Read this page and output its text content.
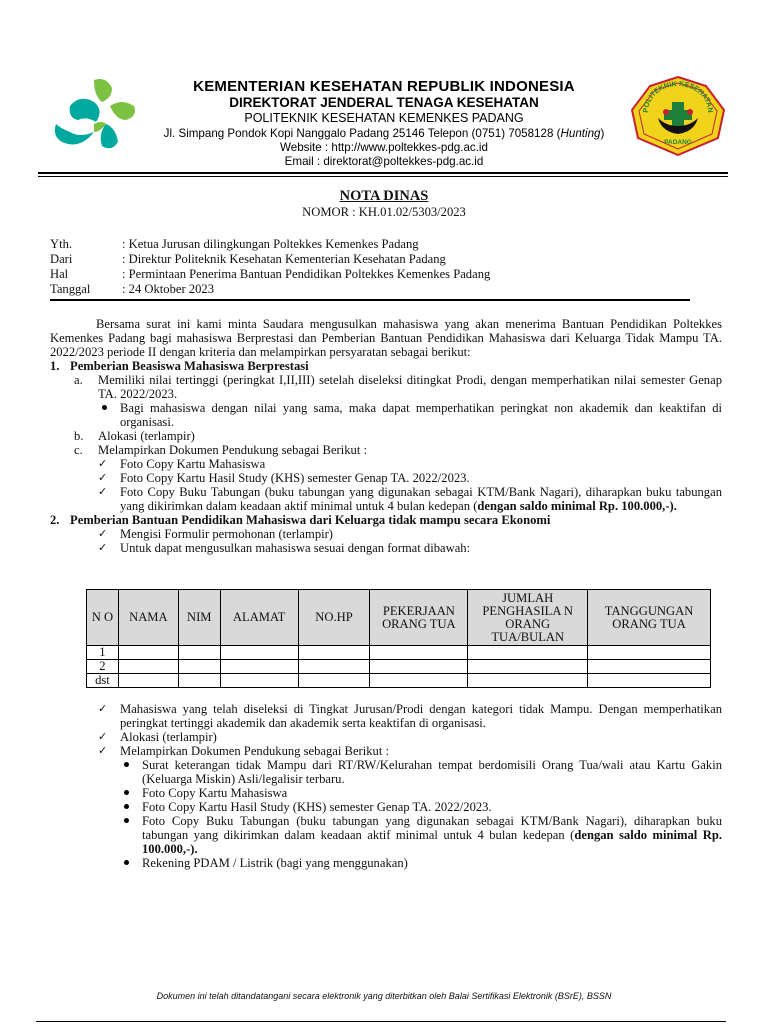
KEMENTERIAN KESEHATAN REPUBLIK INDONESIA
DIREKTORAT JENDERAL TENAGA KESEHATAN
POLITEKNIK KESEHATAN KEMENKES PADANG
Jl. Simpang Pondok Kopi Nanggalo Padang 25146 Telepon (0751) 7058128 (Hunting)
Website : http://www.poltekkes-pdg.ac.id
Email : direktorat@poltekkes-pdg.ac.id
POLITEKNIK KESEHATAN
PADANG
NOTA DINAS
NOMOR : KH.01.02/5303/2023
Yth.	: Ketua Jurusan dilingkungan Poltekkes Kemenkes Padang
Dari	: Direktur Politeknik Kesehatan Kementerian Kesehatan Padang
Hal	: Permintaan Penerima Bantuan Pendidikan Poltekkes Kemenkes Padang
Tanggal	: 24 Oktober 2023

Bersama surat ini kami minta Saudara mengusulkan mahasiswa yang akan menerima Bantuan Pendidikan Poltekkes Kemenkes Padang bagi mahasiswa Berprestasi dan Pemberian Bantuan Pendidikan Mahasiswa dari Keluarga Tidak Mampu TA. 2022/2023 periode II dengan kriteria dan melampirkan persyaratan sebagai berikut:

1. Pemberian Beasiswa Mahasiswa Berprestasi
a.	Memiliki nilai tertinggi (peringkat I,II,III) setelah diseleksi ditingkat Prodi, dengan memperhatikan nilai semester Genap TA. 2022/2023.
Bagi mahasiswa dengan nilai yang sama, maka dapat memperhatikan peringkat non akademik dan keaktifan di organisasi.
b.	Alokasi (terlampir)
c.	Melampirkan Dokumen Pendukung sebagai Berikut :
✓	Foto Copy Kartu Mahasiswa
✓	Foto Copy Kartu Hasil Study (KHS) semester Genap TA. 2022/2023.
✓	Foto Copy Buku Tabungan (buku tabungan yang digunakan sebagai KTM/Bank Nagari), diharapkan buku tabungan yang dikirimkan dalam keadaan aktif minimal untuk 4 bulan kedepan (dengan saldo minimal Rp. 100.000,-).
2. Pemberian Bantuan Pendidikan Mahasiswa dari Keluarga tidak mampu secara Ekonomi
✓	Mengisi Formulir permohonan (terlampir)
✓	Untuk dapat mengusulkan mahasiswa sesuai dengan format dibawah:
N O	NAMA	NIM	ALAMAT	NO.HP	PEKERJAAN ORANG TUA	JUMLAH PENGHASILA N ORANG TUA/BULAN	TANGGUNGAN ORANG TUA
1							
2							
dst							
✓	Mahasiswa yang telah diseleksi di Tingkat Jurusan/Prodi dengan kategori tidak Mampu. Dengan memperhatikan peringkat tertinggi akademik dan akademik serta keaktifan di organisasi.
✓	Alokasi (terlampir)
✓	Melampirkan Dokumen Pendukung sebagai Berikut :
Surat keterangan tidak Mampu dari RT/RW/Kelurahan tempat berdomisili Orang Tua/wali atau Kartu Gakin (Keluarga Miskin) Asli/legalisir terbaru.
Foto Copy Kartu Mahasiswa
Foto Copy Kartu Hasil Study (KHS) semester Genap TA. 2022/2023.
Foto Copy Buku Tabungan (buku tabungan yang digunakan sebagai KTM/Bank Nagari), diharapkan buku tabungan yang dikirimkan dalam keadaan aktif minimal untuk 4 bulan kedepan (dengan saldo minimal Rp. 100.000,-).
Rekening PDAM / Listrik (bagi yang menggunakan)
Dokumen ini telah ditandatangani secara elektronik yang diterbitkan oleh Balai Sertifikasi Elektronik (BSrE), BSSN
